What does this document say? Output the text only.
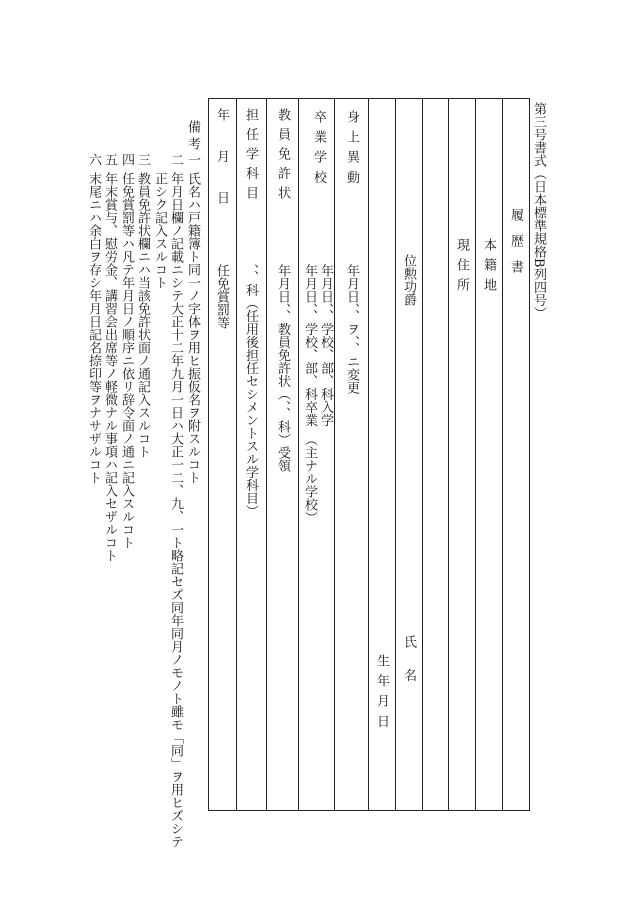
第三号書式（日本標準規格B列四号）
履　歴　書
本籍地
現住所
位勲功爵
氏　名
生年月日
身上異動
年月日、、ヲ、、ニ変更
卒業学校
年月日、、学校、部、科入学
年月日、、学校、部、科卒業　（主ナル学校）
教員免許状
年月日、、教員免許状（、、科）受領
担任学科目
、、科（任用後担任セシメントスル学科目）
年月日
任免賞罰等
備考
一
氏名ハ戸籍簿ト同一ノ字体ヲ用ヒ振仮名ヲ附スルコト
二
年月日欄ノ記載ニシテ大正十二年九月一日ハ大正一二、九、一ト略記セズ同年同月ノモノト雖モ「同」ヲ用ヒズシテ
正シク記入スルコト
三
教員免許状欄ニハ当該免許状面ノ通記入スルコト
四
任免賞罰等ハ凡テ年月日ノ順序ニ依リ辞令面ノ通ニ記入スルコト
五
年末賞与、慰労金、講習会出席等ノ軽微ナル事項ハ記入セザルコト
六
末尾ニハ余白ヲ存シ年月日記名捺印等ヲナサザルコト
